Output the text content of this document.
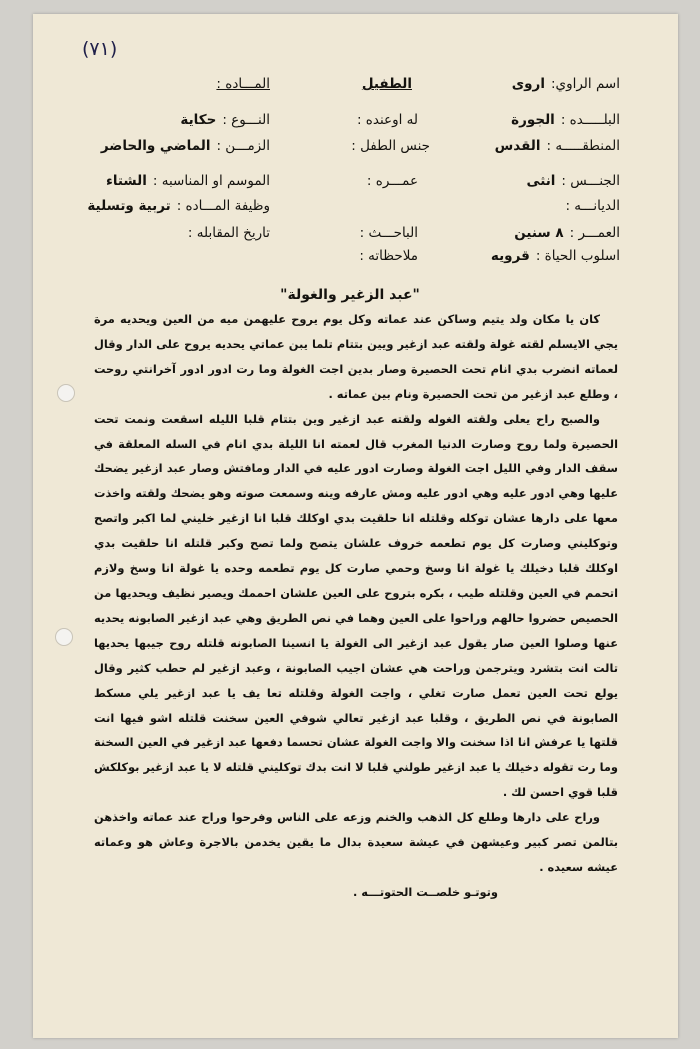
(٧١)
اسم الراوي:اروى
البلـــــده :الجورة
المنطقـــــه :القدس
الجنـــس :انثى
الديانـــه :
العمـــر :٨ سنين
اسلوب الحياة :قرويه
الطفيل
له اوعنده :
جنس الطفل :
عمـــره :
الباحـــث :
ملاحظاته :
المـــاده :
النـــوع :حكاية
الزمـــن :الماضي والحاضر
الموسم او المناسبه :الشتاء
وظيفة المـــاده :تربية وتسلية
تاريخ المقابله :
"عبد الزغير والغولة"

كان يا مكان ولد يتيم وساكن عند عماته وكل يوم يروح عليهمن ميه من العين ويحديه مرة يجي الايسلم لقته غولة ولقته عبد ازغير ويين بتتام تلما يبن عماتي يحديه يروح على الدار وقال لعماته انضرب بدي انام تحت الحصيرة وصار بدين اجت الغولة وما رت ادور ادور آخرانتي روحت ، وطلع عبد ازغير من تحت الحصيرة ونام بين عماته .

والصبح راح يعلى ولقته الغوله ولقته عبد ازغير وين بتتام قلبا الليله اسقعت ونمت تحت الحصيرة ولما روح وصارت الدنيا المغرب قال لعمته انا الليلة بدي انام في السله المعلقة في سقف الدار وفي الليل اجت الغولة وصارت ادور عليه في الدار ومافتش وصار عبد ازغير يضحك عليها وهي ادور عليه وهي ادور عليه ومش عارفه وينه وسمعت صوته وهو يضحك ولقته واخذت معها على دارها عشان توكله وقلتله انا حلقيت بدي اوكلك قلبا انا ازغير خليني لما اكبر واتصح وتوكليني وصارت كل يوم تطعمه خروف علشان يتصح ولما تصح وكبر قلتله انا حلقيت بدي اوكلك قلبا دخيلك يا غولة انا وسخ وحمي صارت كل يوم تطعمه وحده يا غولة انا وسخ ولازم اتحمم في العين وقلتله طيب ، بكره بتروح على العين علشان احممك ويصير نظيف ويحديها من الحصيص حضروا حالهم وراحوا على العين وهما في نص الطريق وهي عبد ازغير الصابونه يحديه عنها وصلوا العين صار يقول عبد ازغير الى الغولة يا انسينا الصابونه قلتله روح جيبها يحديها تالت انت بتشرد ويترجمن وراحت هي عشان اجيب الصابونة ، وعبد ازغير لم حطب كثير وقال يولع تحت العين تعمل صارت تغلي ، واجت الغولة وقلتله تعا يف يا عبد ازغير يلي مسكط الصابونة في نص الطريق ، وقلبا عبد ازغير تعالي شوفي العين سخنت قلتله اشو فيها انت قلتها يا عرفش انا اذا سخنت والا واجت الغولة عشان تحسما دفعها عبد ازغير في العين السخنة وما رت تقوله دخيلك يا عبد ازغير طولني قلبا لا انت بدك توكليني قلتله لا يا عبد ازغير بوكلكش قلبا قوي احسن لك .

وراح على دارها وطلع كل الذهب والخنم وزعه على الناس وفرحوا وراح عند عماته واخذهن بتالمن تصر كبير وعيشهن في عيشة سعيدة بدال ما يقين يخدمن بالاجرة وعاش هو وعماته عيشه سعيده .

وتوتـو خلصــت الحتوتـــه .
